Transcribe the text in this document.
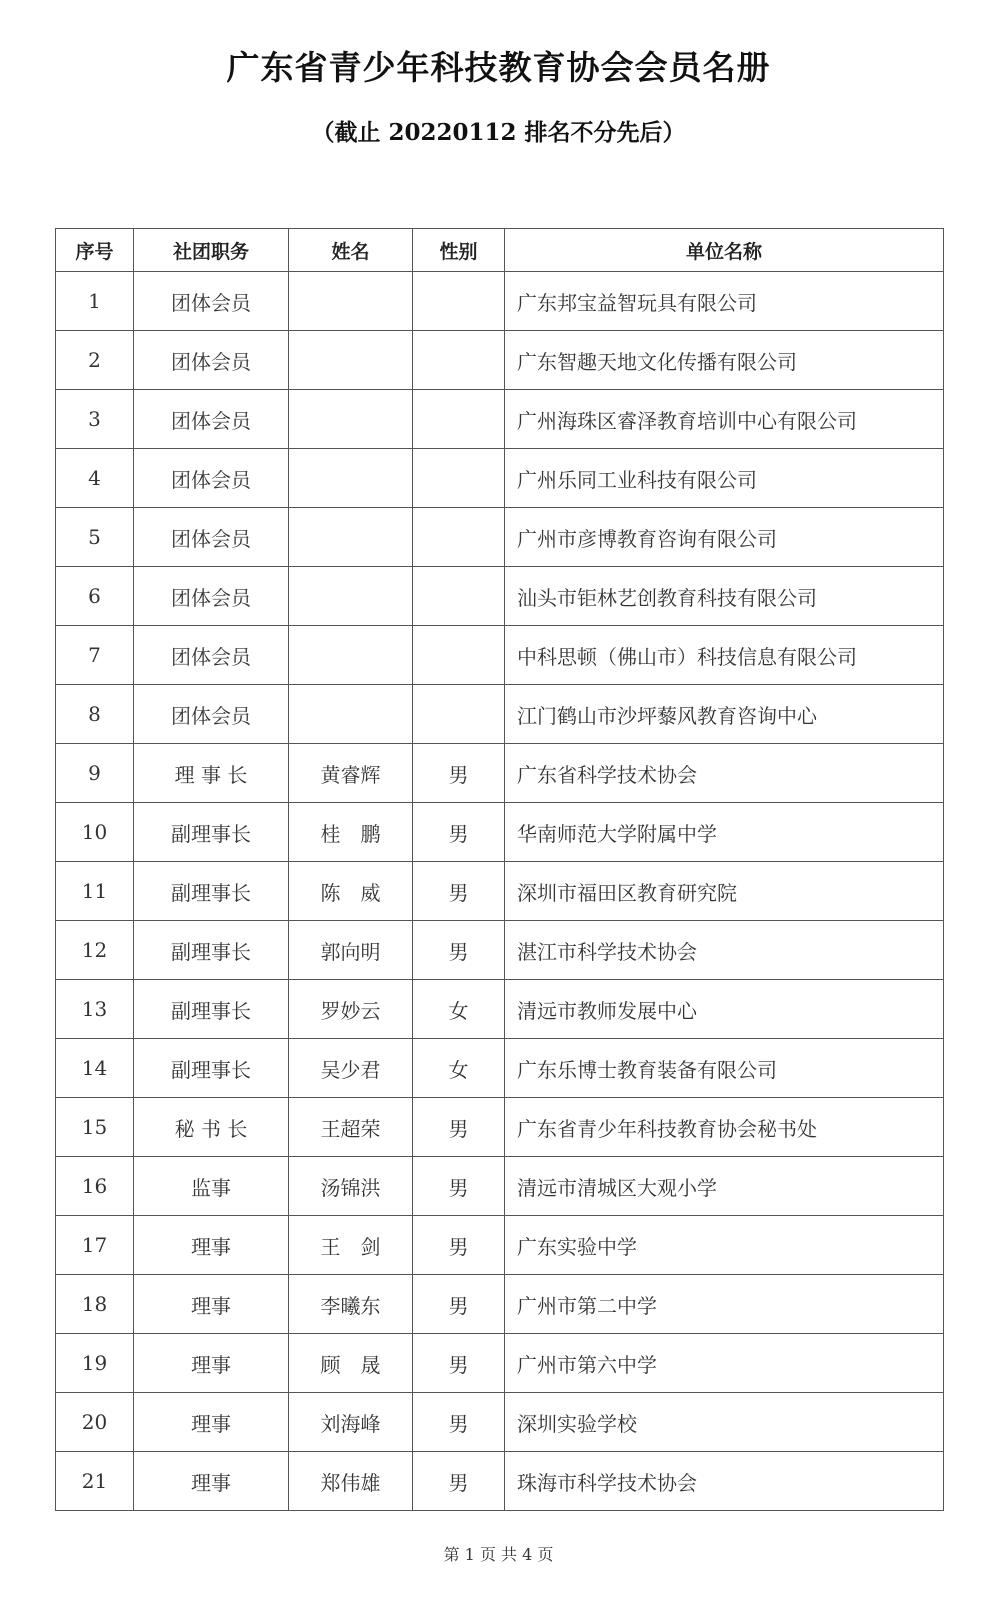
广东省青少年科技教育协会会员名册
（截止 20220112 排名不分先后）
序号	社团职务	姓名	性别	单位名称
1	团体会员			广东邦宝益智玩具有限公司
2	团体会员			广东智趣天地文化传播有限公司
3	团体会员			广州海珠区睿泽教育培训中心有限公司
4	团体会员			广州乐同工业科技有限公司
5	团体会员			广州市彦博教育咨询有限公司
6	团体会员			汕头市钜林艺创教育科技有限公司
7	团体会员			中科思顿（佛山市）科技信息有限公司
8	团体会员			江门鹤山市沙坪藜风教育咨询中心
9	理 事 长	黄睿辉	男	广东省科学技术协会
10	副理事长	桂　鹏	男	华南师范大学附属中学
11	副理事长	陈　威	男	深圳市福田区教育研究院
12	副理事长	郭向明	男	湛江市科学技术协会
13	副理事长	罗妙云	女	清远市教师发展中心
14	副理事长	吴少君	女	广东乐博士教育装备有限公司
15	秘 书 长	王超荣	男	广东省青少年科技教育协会秘书处
16	监事	汤锦洪	男	清远市清城区大观小学
17	理事	王　剑	男	广东实验中学
18	理事	李曦东	男	广州市第二中学
19	理事	顾　晟	男	广州市第六中学
20	理事	刘海峰	男	深圳实验学校
21	理事	郑伟雄	男	珠海市科学技术协会
第 1 页 共 4 页
